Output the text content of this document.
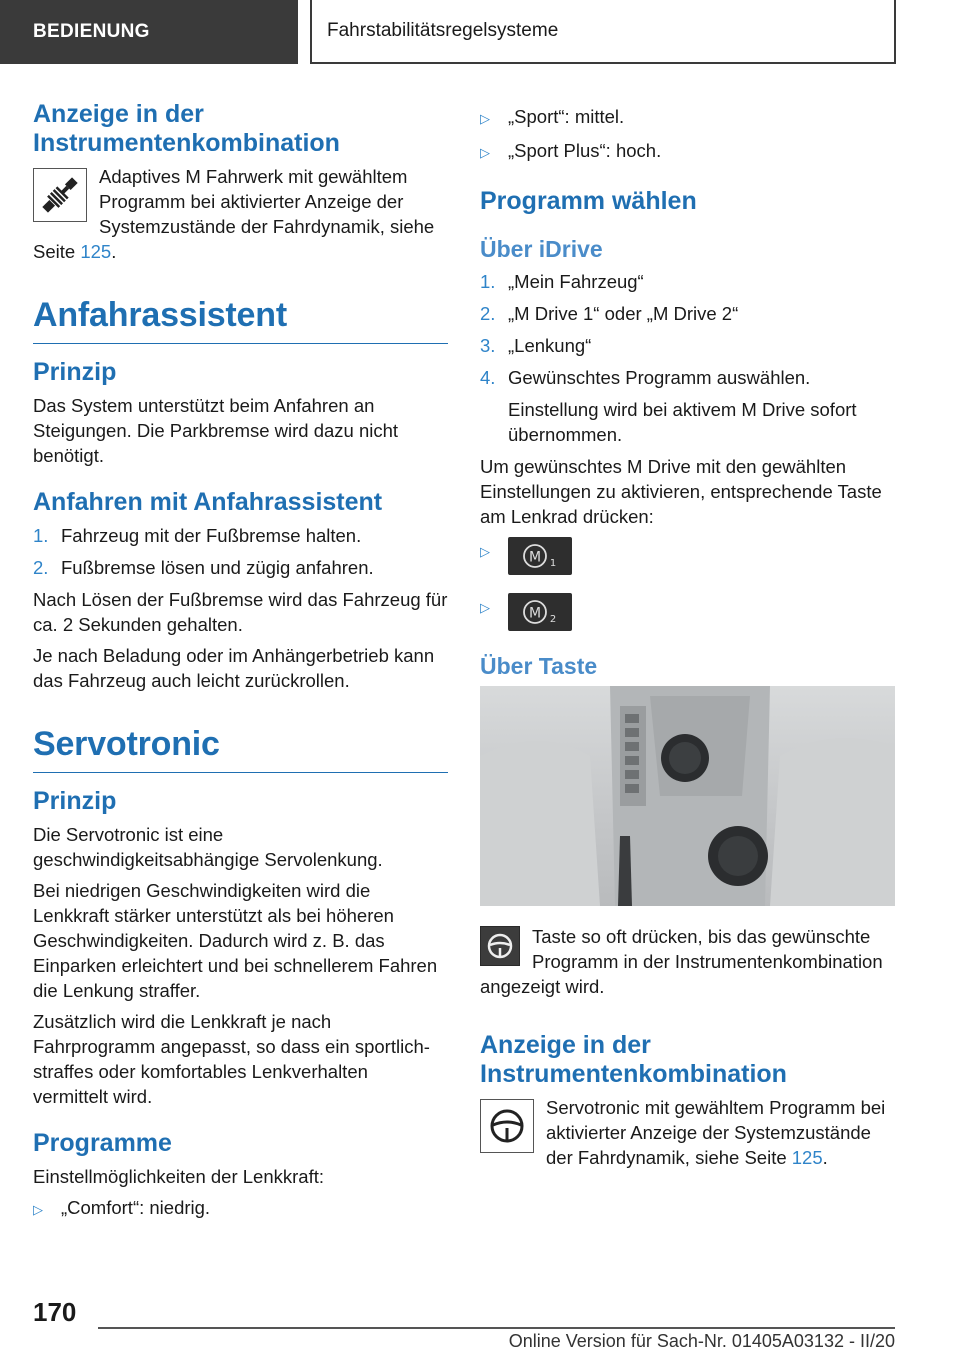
BEDIENUNG	Fahrstabilitätsregelsysteme
Anzeige in der Instrumentenkombination

Adaptives M Fahrwerk mit gewähltem Programm bei aktivierter Anzeige der Systemzustände der Fahrdynamik, siehe Seite 125.

Anfahrassistent
Prinzip

Das System unterstützt beim Anfahren an Steigungen. Die Parkbremse wird dazu nicht benötigt.

Anfahren mit Anfahrassistent
1. Fahrzeug mit der Fußbremse halten.
2. Fußbremse lösen und zügig anfahren.

Nach Lösen der Fußbremse wird das Fahrzeug für ca. 2 Sekunden gehalten.

Je nach Beladung oder im Anhängerbetrieb kann das Fahrzeug auch leicht zurückrollen.

Servotronic
Prinzip

Die Servotronic ist eine geschwindigkeitsabhängige Servolenkung.

Bei niedrigen Geschwindigkeiten wird die Lenkkraft stärker unterstützt als bei höheren Geschwindigkeiten. Dadurch wird z. B. das Einparken erleichtert und bei schnellerem Fahren die Lenkung straffer.

Zusätzlich wird die Lenkkraft je nach Fahrprogramm angepasst, so dass ein sportlich-straffes oder komfortables Lenkverhalten vermittelt wird.

Programme

Einstellmöglichkeiten der Lenkkraft:

▷ „Comfort“: niedrig.
▷ „Sport“: mittel.
▷ „Sport Plus“: hoch.
Programm wählen
Über iDrive
1. „Mein Fahrzeug“
2. „M Drive 1“ oder „M Drive 2“
3. „Lenkung“
4. Gewünschtes Programm auswählen.
Einstellung wird bei aktivem M Drive sofort übernommen.

Um gewünschtes M Drive mit den gewählten Einstellungen zu aktivieren, entsprechende Taste am Lenkrad drücken:

▷	M 1
▷	M 2
Über Taste

Taste so oft drücken, bis das gewünschte Programm in der Instrumentenkombination angezeigt wird.

Anzeige in der Instrumentenkombination

Servotronic mit gewähltem Programm bei aktivierter Anzeige der Systemzustände der Fahrdynamik, siehe Seite 125.

170
Online Version für Sach-Nr. 01405A03132 - II/20
